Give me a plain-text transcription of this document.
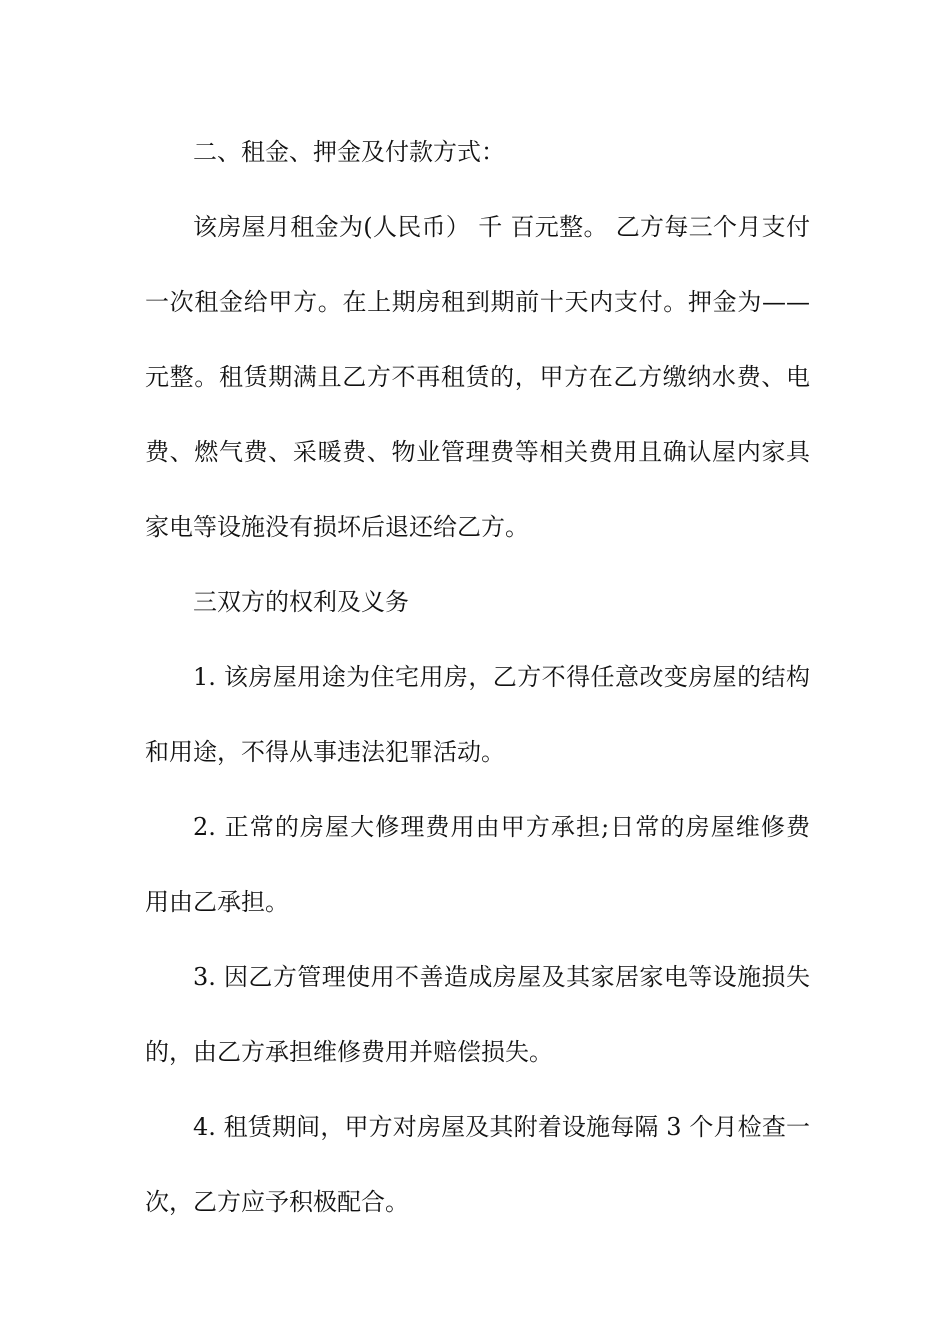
二、租金、押金及付款方式：
该房屋月租金为(人民币） 千 百元整。 乙方每三个月支付
一次租金给甲方。在上期房租到期前十天内支付。押金为——
元整。租赁期满且乙方不再租赁的，甲方在乙方缴纳水费、电
费、燃气费、采暖费、物业管理费等相关费用且确认屋内家具
家电等设施没有损坏后退还给乙方。
三双方的权利及义务
1. 该房屋用途为住宅用房，乙方不得任意改变房屋的结构
和用途，不得从事违法犯罪活动。
2. 正常的房屋大修理费用由甲方承担;日常的房屋维修费
用由乙承担。
3. 因乙方管理使用不善造成房屋及其家居家电等设施损失
的，由乙方承担维修费用并赔偿损失。
4. 租赁期间，甲方对房屋及其附着设施每隔 3 个月检查一
次，乙方应予积极配合。
